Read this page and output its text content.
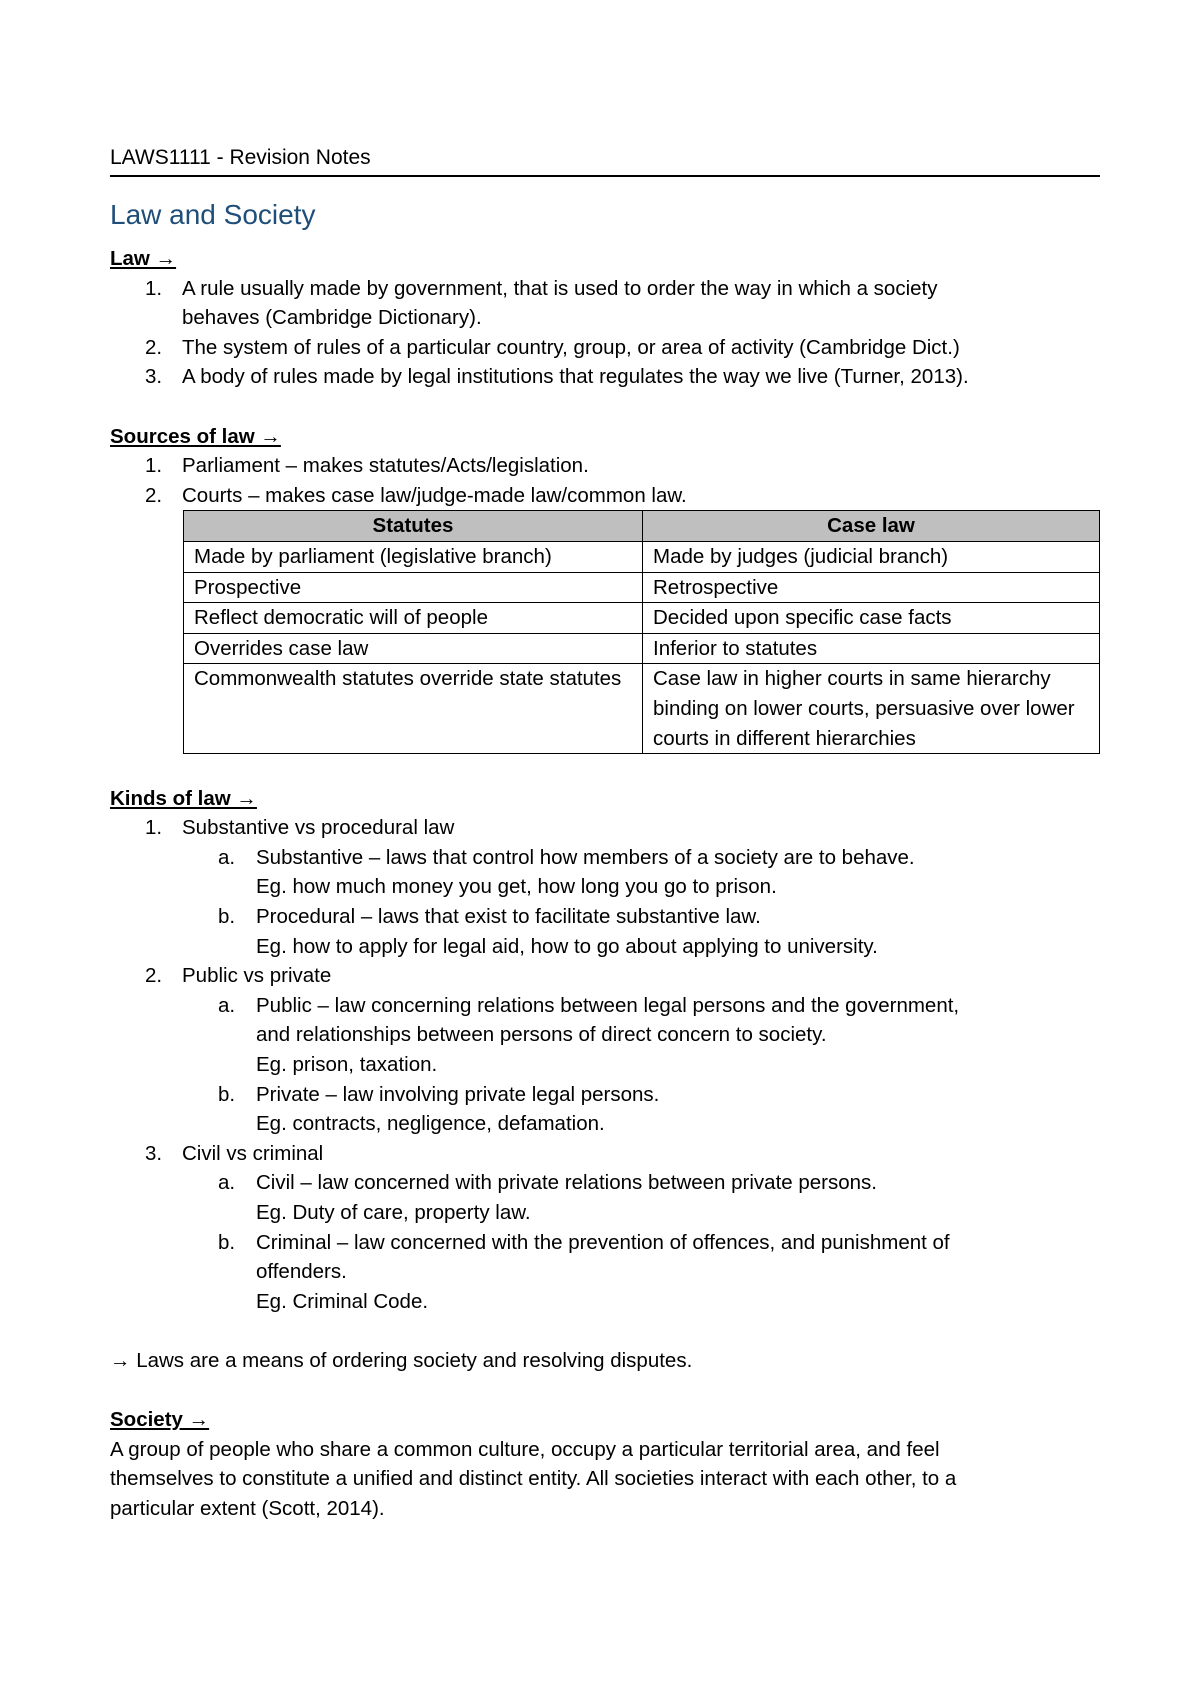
LAWS1111 - Revision Notes
Law and Society
Law →
1. A rule usually made by government, that is used to order the way in which a society
behaves (Cambridge Dictionary).
2. The system of rules of a particular country, group, or area of activity (Cambridge Dict.)
3. A body of rules made by legal institutions that regulates the way we live (Turner, 2013).
Sources of law →
1. Parliament – makes statutes/Acts/legislation.
2. Courts – makes case law/judge-made law/common law.
Statutes	Case law
Made by parliament (legislative branch)	Made by judges (judicial branch)
Prospective	Retrospective
Reflect democratic will of people	Decided upon specific case facts
Overrides case law	Inferior to statutes
Commonwealth statutes override state statutes	Case law in higher courts in same hierarchy binding on lower courts, persuasive over lower courts in different hierarchies
Kinds of law →
1. Substantive vs procedural law
a.	Substantive – laws that control how members of a society are to behave.
Eg. how much money you get, how long you go to prison.
b.	Procedural – laws that exist to facilitate substantive law.
Eg. how to apply for legal aid, how to go about applying to university.
2. Public vs private
a.	Public – law concerning relations between legal persons and the government,
and relationships between persons of direct concern to society.
Eg. prison, taxation.
b.	Private – law involving private legal persons.
Eg. contracts, negligence, defamation.
3. Civil vs criminal
a.	Civil – law concerned with private relations between private persons.
Eg. Duty of care, property law.
b.	Criminal – law concerned with the prevention of offences, and punishment of
offenders.
Eg. Criminal Code.
→ Laws are a means of ordering society and resolving disputes.
Society →
A group of people who share a common culture, occupy a particular territorial area, and feel
themselves to constitute a unified and distinct entity. All societies interact with each other, to a
particular extent (Scott, 2014).
